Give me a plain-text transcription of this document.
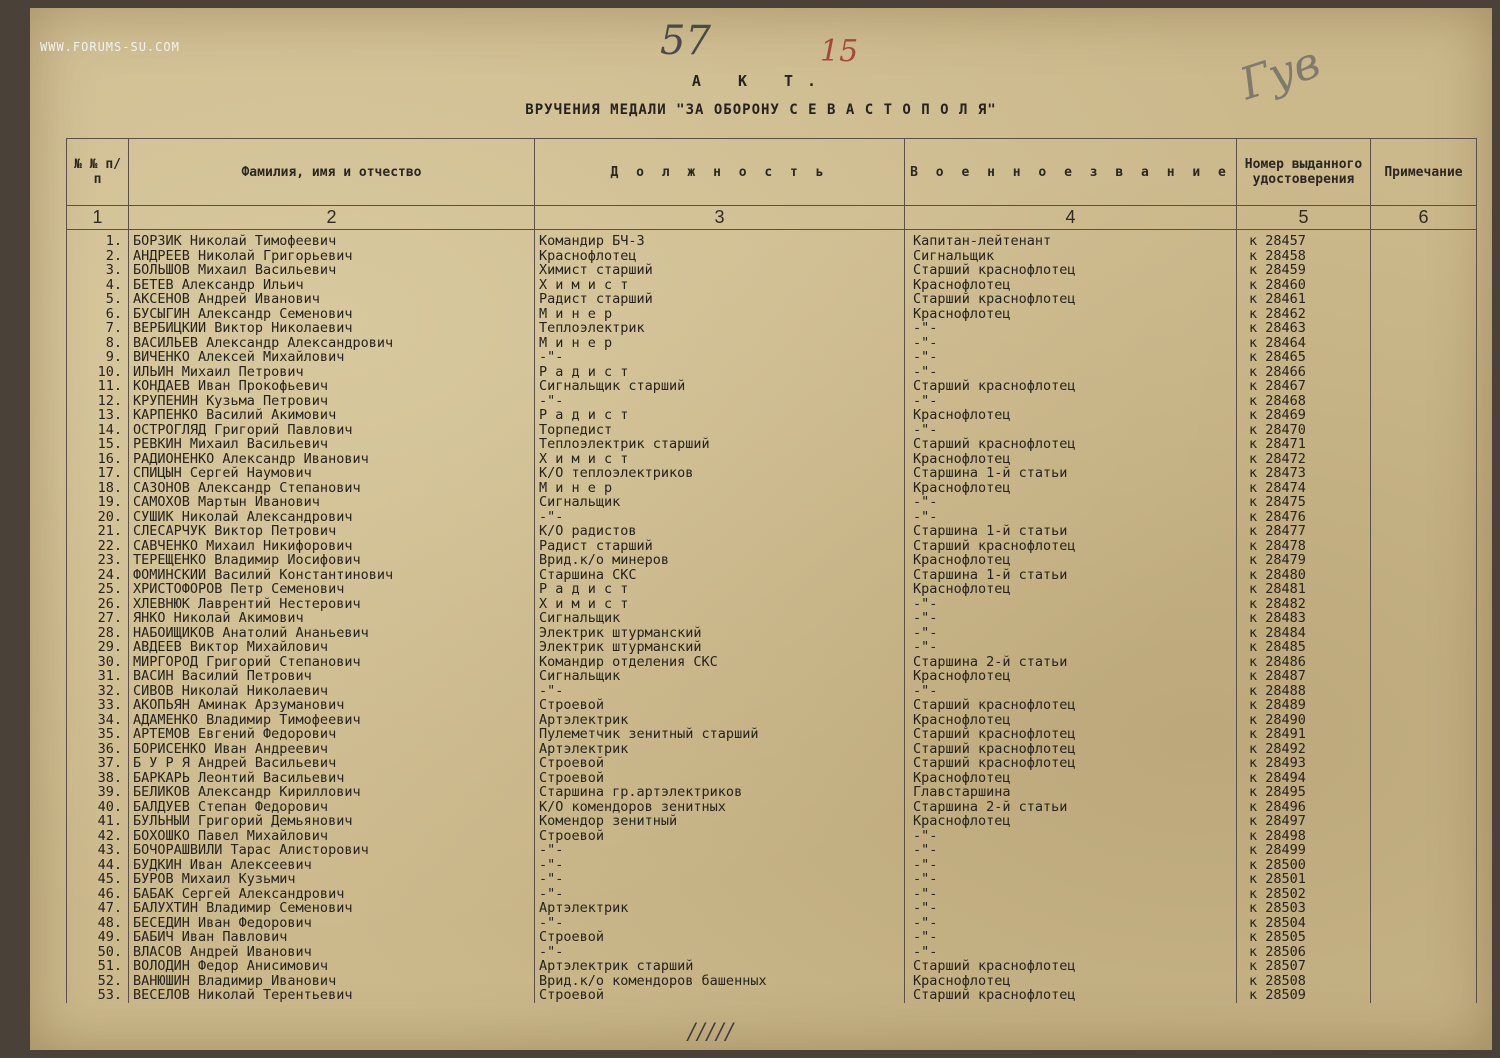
WWW.FORUMS-SU.COM	57	15	Гув
А К Т.
ВРУЧЕНИЯ МЕДАЛИ "ЗА ОБОРОНУ С Е В А С Т О П О Л Я"
№ № п/п	Фамилия, имя и отчество	Д о л ж н о с т ь	В о е н н о е з в а н и е	Номер выданного удостоверения	Примечание
1	2	3	4	5	6
1.	БОРЗИК Николай Тимофеевич	Командир БЧ-3	Капитан-лейтенант	к 28457	
2.	АНДРЕЕВ Николай Григорьевич	Краснофлотец	Сигнальщик	к 28458	
3.	БОЛЬШОВ Михаил Васильевич	Химист старший	Старший краснофлотец	к 28459	
4.	БЕТЕВ Александр Ильич	Х и м и с т	Краснофлотец	к 28460	
5.	АКСЕНОВ Андрей Иванович	Радист старший	Старший краснофлотец	к 28461	
6.	БУСЫГИН Александр Семенович	М и н е р	Краснофлотец	к 28462	
7.	ВЕРБИЦКИЙ Виктор Николаевич	Теплоэлектрик	-"-	к 28463	
8.	ВАСИЛЬЕВ Александр Александрович	М и н е р	-"-	к 28464	
9.	ВИЧЕНКО Алексей Михайлович	-"-	-"-	к 28465	
10.	ИЛЬИН Михаил Петрович	Р а д и с т	-"-	к 28466	
11.	КОНДАЕВ Иван Прокофьевич	Сигнальщик старший	Старший краснофлотец	к 28467	
12.	КРУПЕНИН Кузьма Петрович	-"-	-"-	к 28468	
13.	КАРПЕНКО Василий Акимович	Р а д и с т	Краснофлотец	к 28469	
14.	ОСТРОГЛЯД Григорий Павлович	Торпедист	-"-	к 28470	
15.	РЕВКИН Михаил Васильевич	Теплоэлектрик старший	Старший краснофлотец	к 28471	
16.	РАДИОНЕНКО Александр Иванович	Х и м и с т	Краснофлотец	к 28472	
17.	СПИЦЫН Сергей Наумович	К/О теплоэлектриков	Старшина 1-й статьи	к 28473	
18.	САЗОНОВ Александр Степанович	М и н е р	Краснофлотец	к 28474	
19.	САМОХОВ Мартын Иванович	Сигнальщик	-"-	к 28475	
20.	СУШИК Николай Александрович	-"-	-"-	к 28476	
21.	СЛЕСАРЧУК Виктор Петрович	К/О радистов	Старшина 1-й статьи	к 28477	
22.	САВЧЕНКО Михаил Никифорович	Радист старший	Старший краснофлотец	к 28478	
23.	ТЕРЕЩЕНКО Владимир Иосифович	Врид.к/о минеров	Краснофлотец	к 28479	
24.	ФОМИНСКИЙ Василий Константинович	Старшина СКС	Старшина 1-й статьи	к 28480	
25.	ХРИСТОФОРОВ Петр Семенович	Р а д и с т	Краснофлотец	к 28481	
26.	ХЛЕВНЮК Лаврентий Нестерович	Х и м и с т	-"-	к 28482	
27.	ЯНКО Николай Акимович	Сигнальщик	-"-	к 28483	
28.	НАБОЙЩИКОВ Анатолий Ананьевич	Электрик штурманский	-"-	к 28484	
29.	АВДЕЕВ Виктор Михайлович	Электрик штурманский	-"-	к 28485	
30.	МИРГОРОД Григорий Степанович	Командир отделения СКС	Старшина 2-й статьи	к 28486	
31.	ВАСИН Василий Петрович	Сигнальщик	Краснофлотец	к 28487	
32.	СИВОВ Николай Николаевич	-"-	-"-	к 28488	
33.	АКОПЬЯН Аминак Арзуманович	Строевой	Старший краснофлотец	к 28489	
34.	АДАМЕНКО Владимир Тимофеевич	Артэлектрик	Краснофлотец	к 28490	
35.	АРТЕМОВ Евгений Федорович	Пулеметчик зенитный старший	Старший краснофлотец	к 28491	
36.	БОРИСЕНКО Иван Андреевич	Артэлектрик	Старший краснофлотец	к 28492	
37.	Б У Р Я Андрей Васильевич	Строевой	Старший краснофлотец	к 28493	
38.	БАРКАРЬ Леонтий Васильевич	Строевой	Краснофлотец	к 28494	
39.	БЕЛИКОВ Александр Кириллович	Старшина гр.артэлектриков	Главстаршина	к 28495	
40.	БАЛДУЕВ Степан Федорович	К/О комендоров зенитных	Старшина 2-й статьи	к 28496	
41.	БУЛЬНЫЙ Григорий Демьянович	Комендор зенитный	Краснофлотец	к 28497	
42.	БОХОШКО Павел Михайлович	Строевой	-"-	к 28498	
43.	БОЧОРАШВИЛИ Тарас Алисторович	-"-	-"-	к 28499	
44.	БУДКИН Иван Алексеевич	-"-	-"-	к 28500	
45.	БУРОВ Михаил Кузьмич	-"-	-"-	к 28501	
46.	БАБАК Сергей Александрович	-"-	-"-	к 28502	
47.	БАЛУХТИН Владимир Семенович	Артэлектрик	-"-	к 28503	
48.	БЕСЕДИН Иван Федорович	-"-	-"-	к 28504	
49.	БАБИЧ Иван Павлович	Строевой	-"-	к 28505	
50.	ВЛАСОВ Андрей Иванович	-"-	-"-	к 28506	
51.	ВОЛОДИН Федор Анисимович	Артэлектрик старший	Старший краснофлотец	к 28507	
52.	ВАНЮШИН Владимир Иванович	Врид.к/о комендоров башенных	Краснофлотец	к 28508	
53.	ВЕСЕЛОВ Николай Терентьевич	Строевой	Старший краснофлотец	к 28509	
/////
